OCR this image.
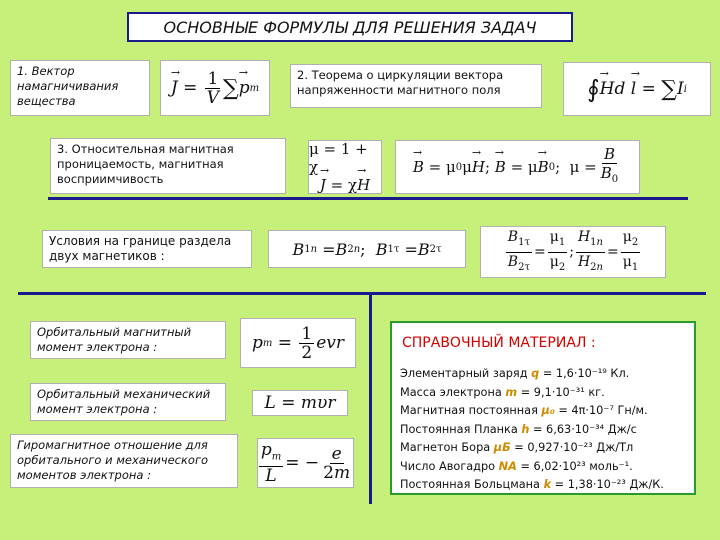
ОСНОВНЫЕ ФОРМУЛЫ ДЛЯ РЕШЕНИЯ ЗАДАЧ
1. Вектор намагничивания вещества
→ $J = \frac{1}{V}$ ∑ → p m
2. Теорема о циркуляции вектора напряженности магнитного поля	∮ → H d
→ l = ∑ I i
3. Относительная магнитная проницаемость, магнитная восприимчивость
μ = 1 + χ
→ J = χ→ H
→ B = μ 0 μ → H ; → B = μ → B 0 ;  $\mu = \frac{B}{B_0}$
Условия на границе раздела двух магнетиков :	B 1n = B 2n ; B 1τ = B 2τ	$\frac{B_{1\tau}}{B_{2\tau}} = \frac{\mu_1}{\mu_2}$ ; $\frac{H_{1n}}{H_{2n}} = \frac{\mu_2}{\mu_1}$
Орбитальный магнитный момент электрона :	p $m = \frac{1}{2}$ evr
Орбитальный механический момент электрона :	L = mυr
Гиромагнитное отношение для орбитального и механического моментов электрона :	$\frac{p_m}{L}$ = − $\frac{e}{2m}$
СПРАВОЧНЫЙ МАТЕРИАЛ :
Элементарный заряд q = 1,6·10⁻¹⁹ Кл.
Масса электрона m = 9,1·10⁻³¹ кг.
Магнитная постоянная μ₀ = 4π·10⁻⁷ Гн/м.
Постоянная Планка h = 6,63·10⁻³⁴ Дж/с
Магнетон Бора μБ = 0,927·10⁻²³ Дж/Тл
Число Авогадро NA = 6,02·10²³ моль⁻¹.
Постоянная Больцмана k = 1,38·10⁻²³ Дж/К.
